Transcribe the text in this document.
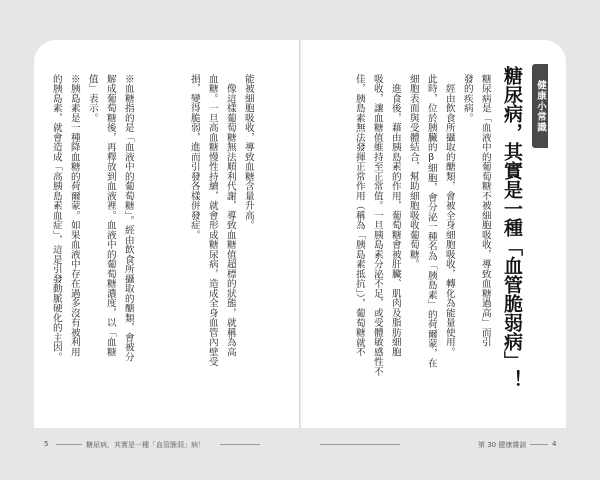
健康小常識
糖尿病，其實是一種「血管脆弱病」！
糖尿病是「血液中的葡萄糖不被細胞吸收，導致血糖過高」而引
發的疾病。
　經由飲食所攝取的醣類，會被全身細胞吸收，轉化為能量使用。
此時，位於胰臟的β細胞，會分泌一種名為「胰島素」的荷爾蒙，在
細胞表面與受體結合，幫助細胞吸收葡萄糖。
　進食後，藉由胰島素的作用，葡萄糖會被肝臟、肌肉及脂肪細胞
吸收，讓血糖值維持至正常值。一旦胰島素分泌不足，或受體敏感性不
佳，胰島素無法發揮正常作用（稱為「胰島素抵抗」），葡萄糖就不
能被細胞吸收，導致血糖含量升高。
　像這樣葡萄糖無法順利代謝，導致血糖值超標的狀態，就稱為高
血糖。一旦高血糖慢性持續，就會形成糖尿病，造成全身血管內壁受
損，變得脆弱，進而引發各樣併發症。
※血糖指的是「血液中的葡萄糖」。經由飲食所攝取的醣類，會被分
解成葡萄糖後，再釋放到血液裡。血液中的葡萄糖濃度，以「血糖
值」表示。
※胰島素是一種降血糖的荷爾蒙。如果血液中存在過多沒有被利用
的胰島素，就會造成「高胰島素血症」，這是引發動脈硬化的主因。
5	糖尿病，其實是一種「血管脆弱」病！	第 30 健康雜談	4
